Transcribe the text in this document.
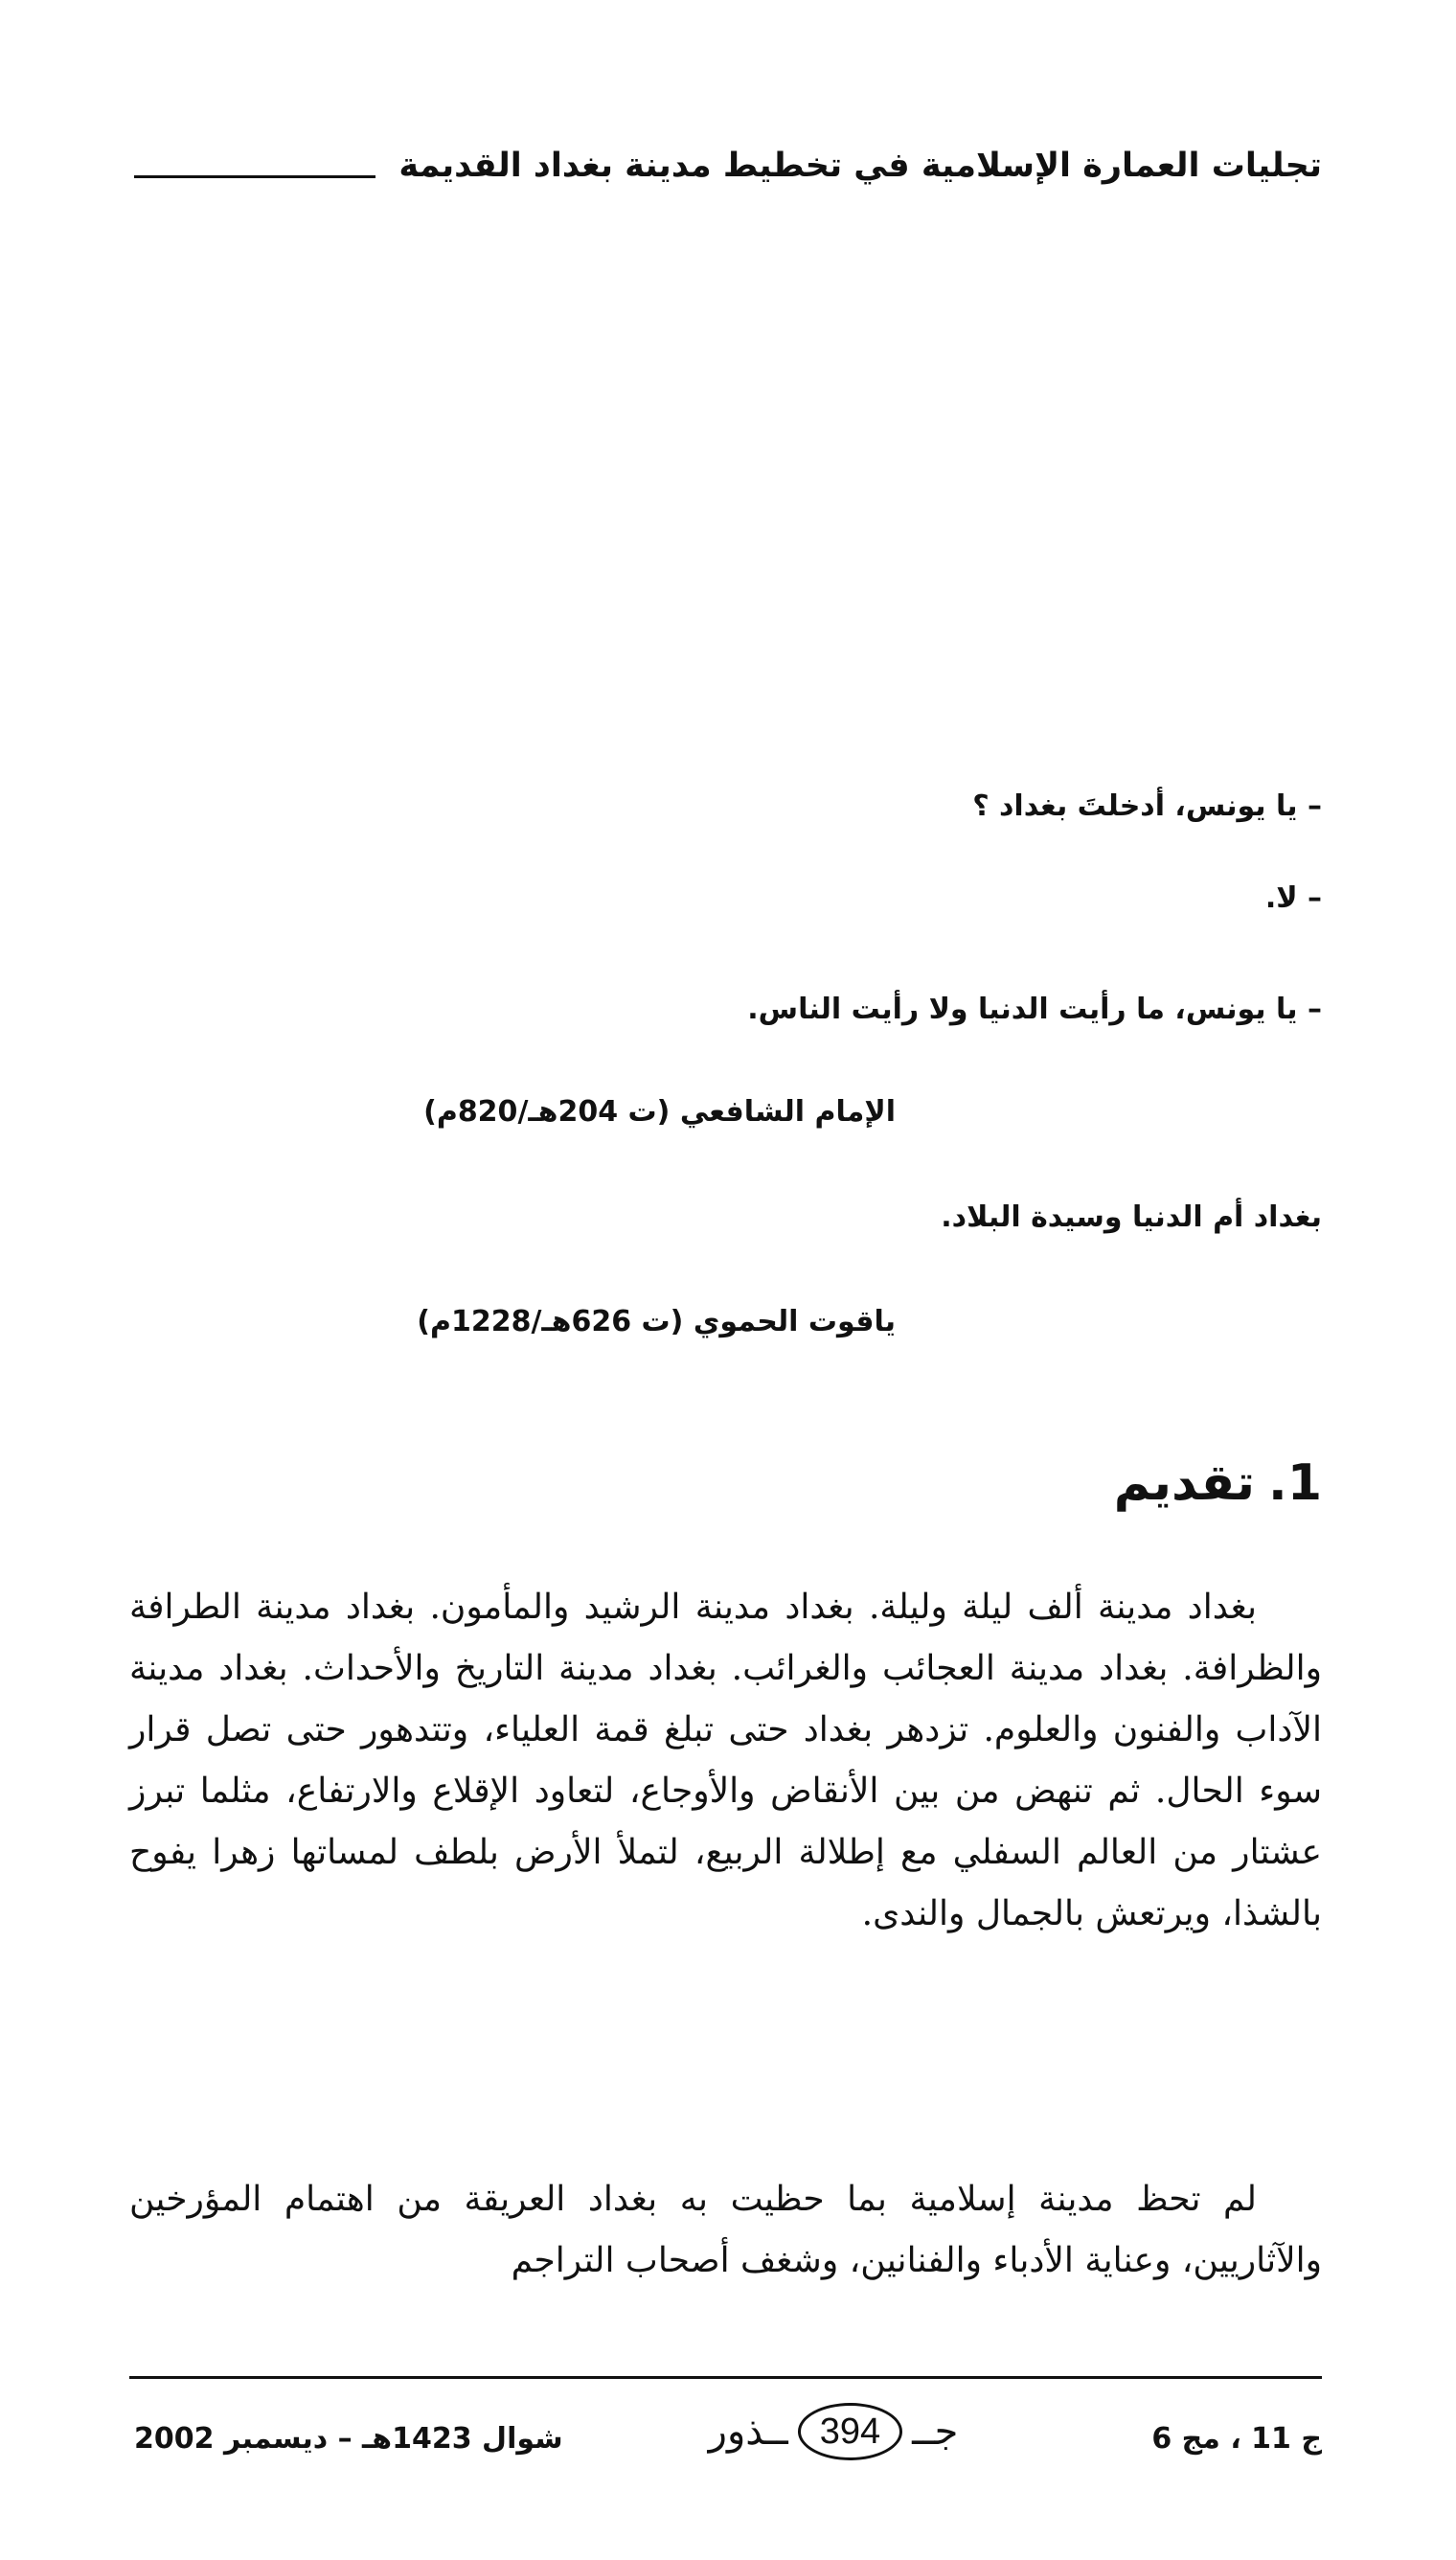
تجليات العمارة الإسلامية في تخطيط مدينة بغداد القديمة
– يا يونس، أدخلتَ بغداد ؟
– لا.
– يا يونس، ما رأيت الدنيا ولا رأيت الناس.
الإمام الشافعي (ت 204هـ/820م)
بغداد أم الدنيا وسيدة البلاد.
ياقوت الحموي (ت 626هـ/1228م)
1.
تقديم

بغداد مدينة ألف ليلة وليلة. بغداد مدينة الرشيد والمأمون. بغداد مدينة الطرافة والظرافة. بغداد مدينة العجائب والغرائب. بغداد مدينة التاريخ والأحداث. بغداد مدينة الآداب والفنون والعلوم. تزدهر بغداد حتى تبلغ قمة العلياء، وتتدهور حتى تصل قرار سوء الحال. ثم تنهض من بين الأنقاض والأوجاع، لتعاود الإقلاع والارتفاع، مثلما تبرز عشتار من العالم السفلي مع إطلالة الربيع، لتملأ الأرض بلطف لمساتها زهرا يفوح بالشذا، ويرتعش بالجمال والندى.

لم تحظ مدينة إسلامية بما حظيت به بغداد العريقة من اهتمام المؤرخين والآثاريين، وعناية الأدباء والفنانين، وشغف أصحاب التراجم

ج 11 ، مج 6
جــ
394
ــذور
شوال 1423هـ – ديسمبر 2002
